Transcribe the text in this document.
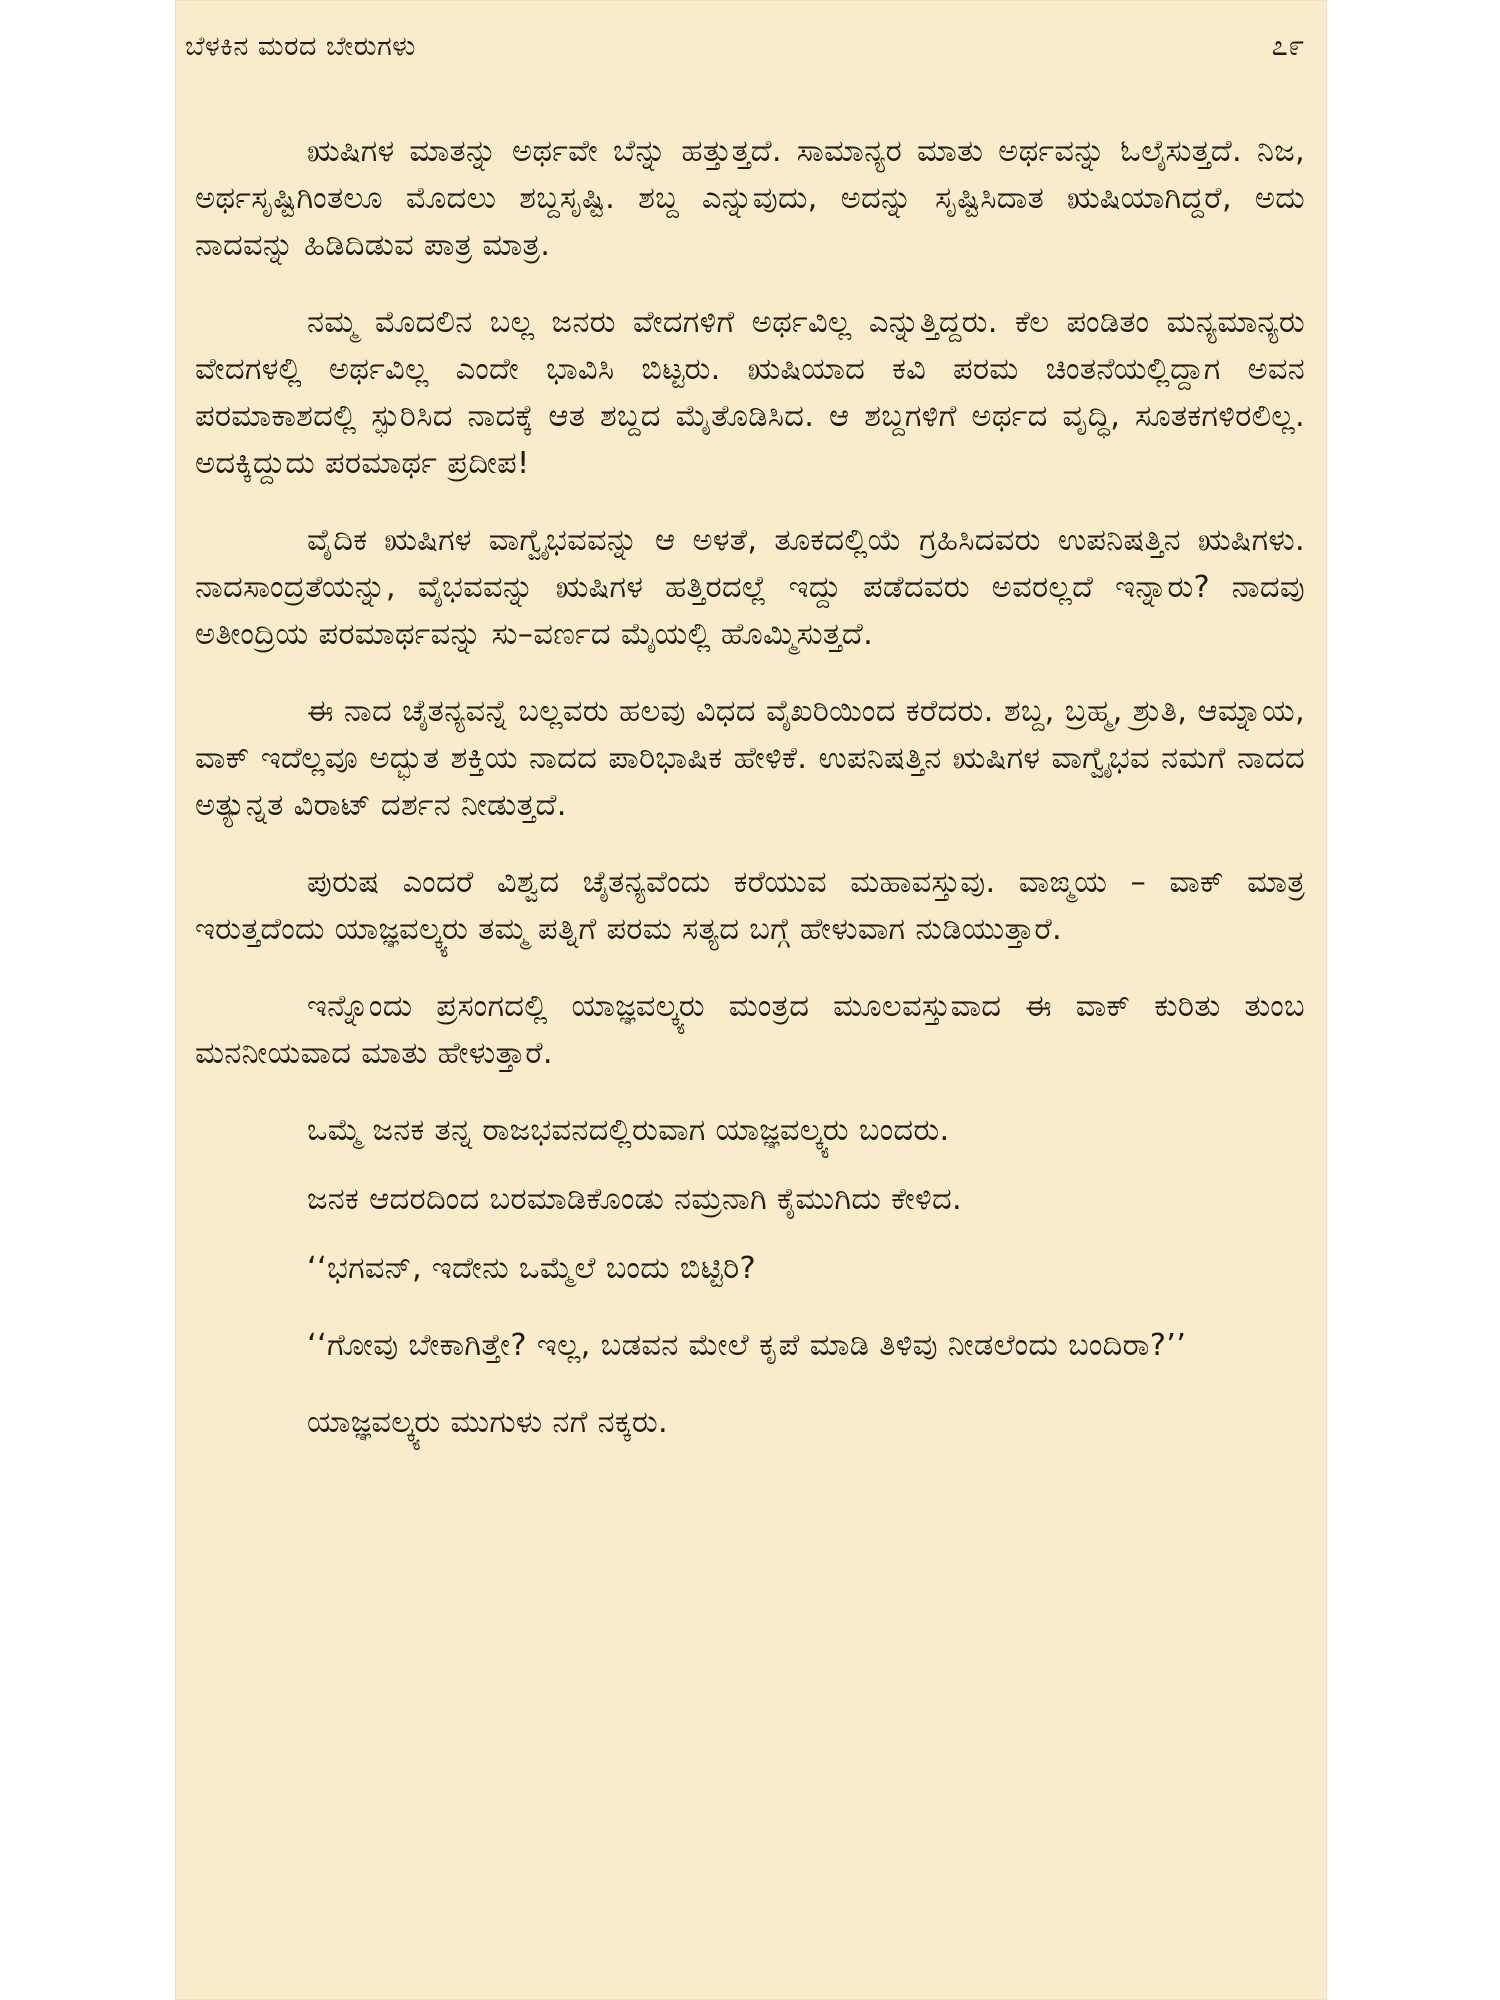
ಬೆಳಕಿನ ಮರದ ಬೇರುಗಳು	೭೯

ಋಷಿಗಳ ಮಾತನ್ನು ಅರ್ಥವೇ ಬೆನ್ನು ಹತ್ತುತ್ತದೆ. ಸಾಮಾನ್ಯರ ಮಾತು ಅರ್ಥವನ್ನು ಓಲೈಸುತ್ತದೆ. ನಿಜ, ಅರ್ಥಸೃಷ್ಟಿಗಿಂತಲೂ ಮೊದಲು ಶಬ್ದಸೃಷ್ಟಿ. ಶಬ್ದ ಎನ್ನುವುದು, ಅದನ್ನು ಸೃಷ್ಟಿಸಿದಾತ ಋಷಿಯಾಗಿದ್ದರೆ, ಅದು ನಾದವನ್ನು ಹಿಡಿದಿಡುವ ಪಾತ್ರ ಮಾತ್ರ.

ನಮ್ಮ ಮೊದಲಿನ ಬಲ್ಲ ಜನರು ವೇದಗಳಿಗೆ ಅರ್ಥವಿಲ್ಲ ಎನ್ನುತ್ತಿದ್ದರು. ಕೆಲ ಪಂಡಿತಂ ಮನ್ಯಮಾನ್ಯರು ವೇದಗಳಲ್ಲಿ ಅರ್ಥವಿಲ್ಲ ಎಂದೇ ಭಾವಿಸಿ ಬಿಟ್ಟರು. ಋಷಿಯಾದ ಕವಿ ಪರಮ ಚಿಂತನೆಯಲ್ಲಿದ್ದಾಗ ಅವನ ಪರಮಾಕಾಶದಲ್ಲಿ ಸ್ಫುರಿಸಿದ ನಾದಕ್ಕೆ ಆತ ಶಬ್ದದ ಮೈತೊಡಿಸಿದ. ಆ ಶಬ್ದಗಳಿಗೆ ಅರ್ಥದ ವೃದ್ಧಿ, ಸೂತಕಗಳಿರಲಿಲ್ಲ. ಅದಕ್ಕಿದ್ದುದು ಪರಮಾರ್ಥ ಪ್ರದೀಪ!

ವೈದಿಕ ಋಷಿಗಳ ವಾಗ್ವೈಭವವನ್ನು ಆ ಅಳತೆ, ತೂಕದಲ್ಲಿಯೆ ಗ್ರಹಿಸಿದವರು ಉಪನಿಷತ್ತಿನ ಋಷಿಗಳು. ನಾದಸಾಂದ್ರತೆಯನ್ನು, ವೈಭವವನ್ನು ಋಷಿಗಳ ಹತ್ತಿರದಲ್ಲೆ ಇದ್ದು ಪಡೆದವರು ಅವರಲ್ಲದೆ ಇನ್ನಾರು? ನಾದವು ಅತೀಂದ್ರಿಯ ಪರಮಾರ್ಥವನ್ನು ಸು–ವರ್ಣದ ಮೈಯಲ್ಲಿ ಹೊಮ್ಮಿಸುತ್ತದೆ.

ಈ ನಾದ ಚೈತನ್ಯವನ್ನೆ ಬಲ್ಲವರು ಹಲವು ವಿಧದ ವೈಖರಿಯಿಂದ ಕರೆದರು. ಶಬ್ದ, ಬ್ರಹ್ಮ, ಶ್ರುತಿ, ಆಮ್ನಾಯ, ವಾಕ್ ಇದೆಲ್ಲವೂ ಅದ್ಭುತ ಶಕ್ತಿಯ ನಾದದ ಪಾರಿಭಾಷಿಕ ಹೇಳಿಕೆ. ಉಪನಿಷತ್ತಿನ ಋಷಿಗಳ ವಾಗ್ವೈಭವ ನಮಗೆ ನಾದದ ಅತ್ಯುನ್ನತ ವಿರಾಟ್ ದರ್ಶನ ನೀಡುತ್ತದೆ.

ಪುರುಷ ಎಂದರೆ ವಿಶ್ವದ ಚೈತನ್ಯವೆಂದು ಕರೆಯುವ ಮಹಾವಸ್ತುವು. ವಾಙ್ಮಯ – ವಾಕ್ ಮಾತ್ರ ಇರುತ್ತದೆಂದು ಯಾಜ್ಞವಲ್ಕ್ಯರು ತಮ್ಮ ಪತ್ನಿಗೆ ಪರಮ ಸತ್ಯದ ಬಗ್ಗೆ ಹೇಳುವಾಗ ನುಡಿಯುತ್ತಾರೆ.

ಇನ್ನೊಂದು ಪ್ರಸಂಗದಲ್ಲಿ ಯಾಜ್ಞವಲ್ಕ್ಯರು ಮಂತ್ರದ ಮೂಲವಸ್ತುವಾದ ಈ ವಾಕ್ ಕುರಿತು ತುಂಬ ಮನನೀಯವಾದ ಮಾತು ಹೇಳುತ್ತಾರೆ.

ಒಮ್ಮೆ ಜನಕ ತನ್ನ ರಾಜಭವನದಲ್ಲಿರುವಾಗ ಯಾಜ್ಞವಲ್ಕ್ಯರು ಬಂದರು.

ಜನಕ ಆದರದಿಂದ ಬರಮಾಡಿಕೊಂಡು ನಮ್ರನಾಗಿ ಕೈಮುಗಿದು ಕೇಳಿದ.

‘‘ಭಗವನ್, ಇದೇನು ಒಮ್ಮೆಲೆ ಬಂದು ಬಿಟ್ಟಿರಿ?

‘‘ಗೋವು ಬೇಕಾಗಿತ್ತೇ? ಇಲ್ಲ, ಬಡವನ ಮೇಲೆ ಕೃಪೆ ಮಾಡಿ ತಿಳಿವು ನೀಡಲೆಂದು ಬಂದಿರಾ?’’

ಯಾಜ್ಞವಲ್ಕ್ಯರು ಮುಗುಳು ನಗೆ ನಕ್ಕರು.
